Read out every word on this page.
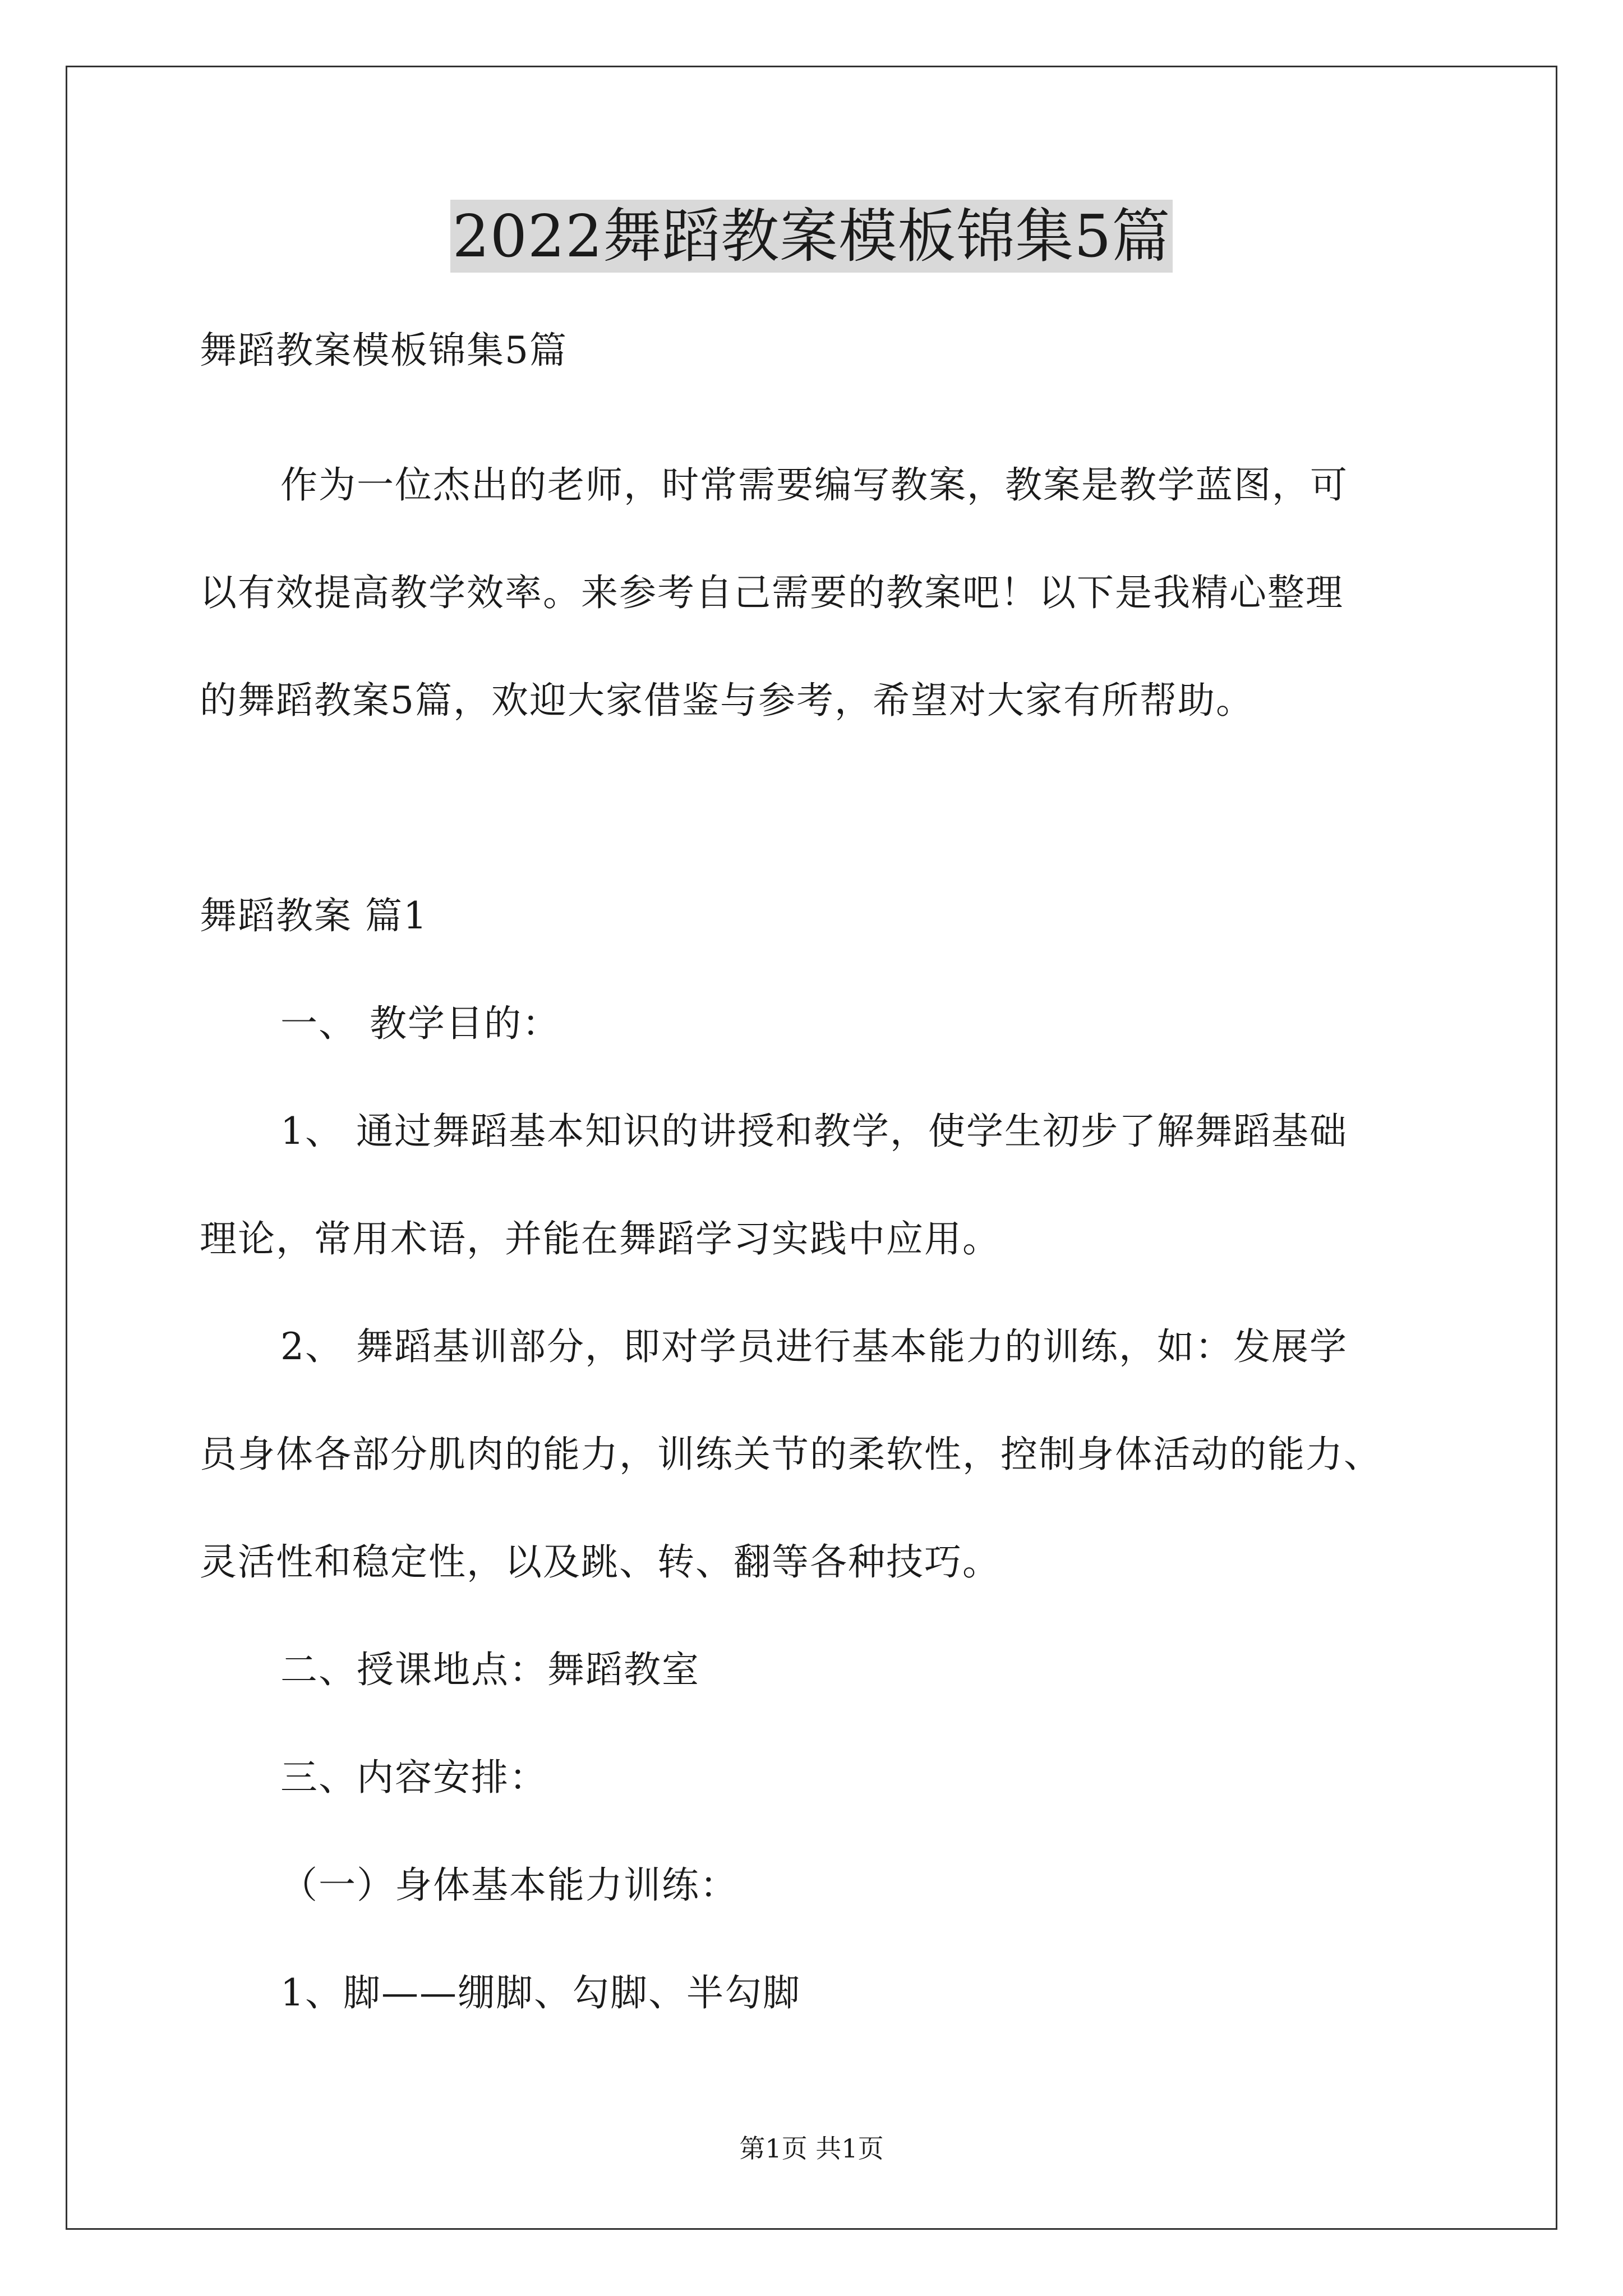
2022舞蹈教案模板锦集5篇

舞蹈教案模板锦集5篇

作为一位杰出的老师，时常需要编写教案，教案是教学蓝图，可

以有效提高教学效率。来参考自己需要的教案吧！以下是我精心整理

的舞蹈教案5篇，欢迎大家借鉴与参考，希望对大家有所帮助。

舞蹈教案 篇1

一、 教学目的：

1、 通过舞蹈基本知识的讲授和教学，使学生初步了解舞蹈基础

理论，常用术语，并能在舞蹈学习实践中应用。

2、 舞蹈基训部分，即对学员进行基本能力的训练，如：发展学

员身体各部分肌肉的能力，训练关节的柔软性，控制身体活动的能力、

灵活性和稳定性，以及跳、转、翻等各种技巧。

二、授课地点：舞蹈教室

三、内容安排：

（一）身体基本能力训练：

1、脚——绷脚、勾脚、半勾脚

第1页 共1页
